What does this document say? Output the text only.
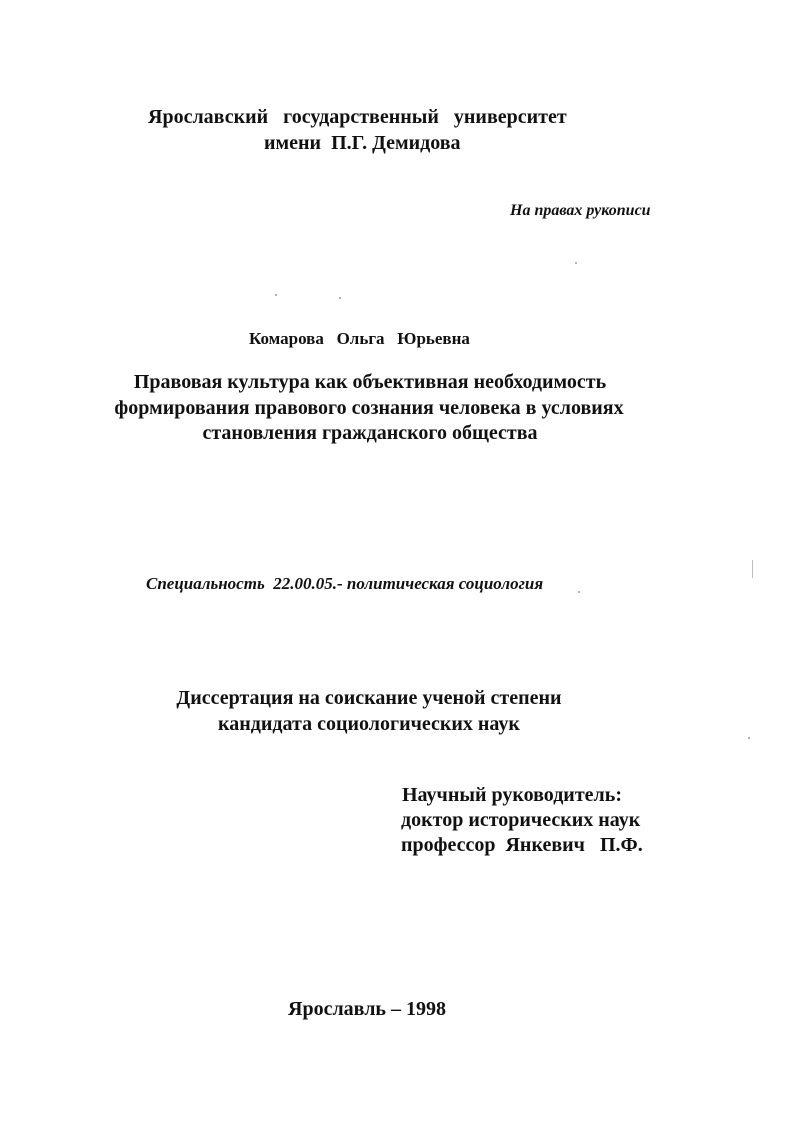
Ярославский   государственный   университет
имени  П.Г. Демидова
На правах рукописи
Комарова   Ольга   Юрьевна
Правовая культура как объективная необходимость
формирования правового сознания человека в условиях
становления гражданского общества
Специальность  22.00.05.- политическая социология
Диссертация на соискание ученой степени
кандидата социологических наук
Научный руководитель:
доктор исторических наук
профессор  Янкевич   П.Ф.
Ярославль – 1998
